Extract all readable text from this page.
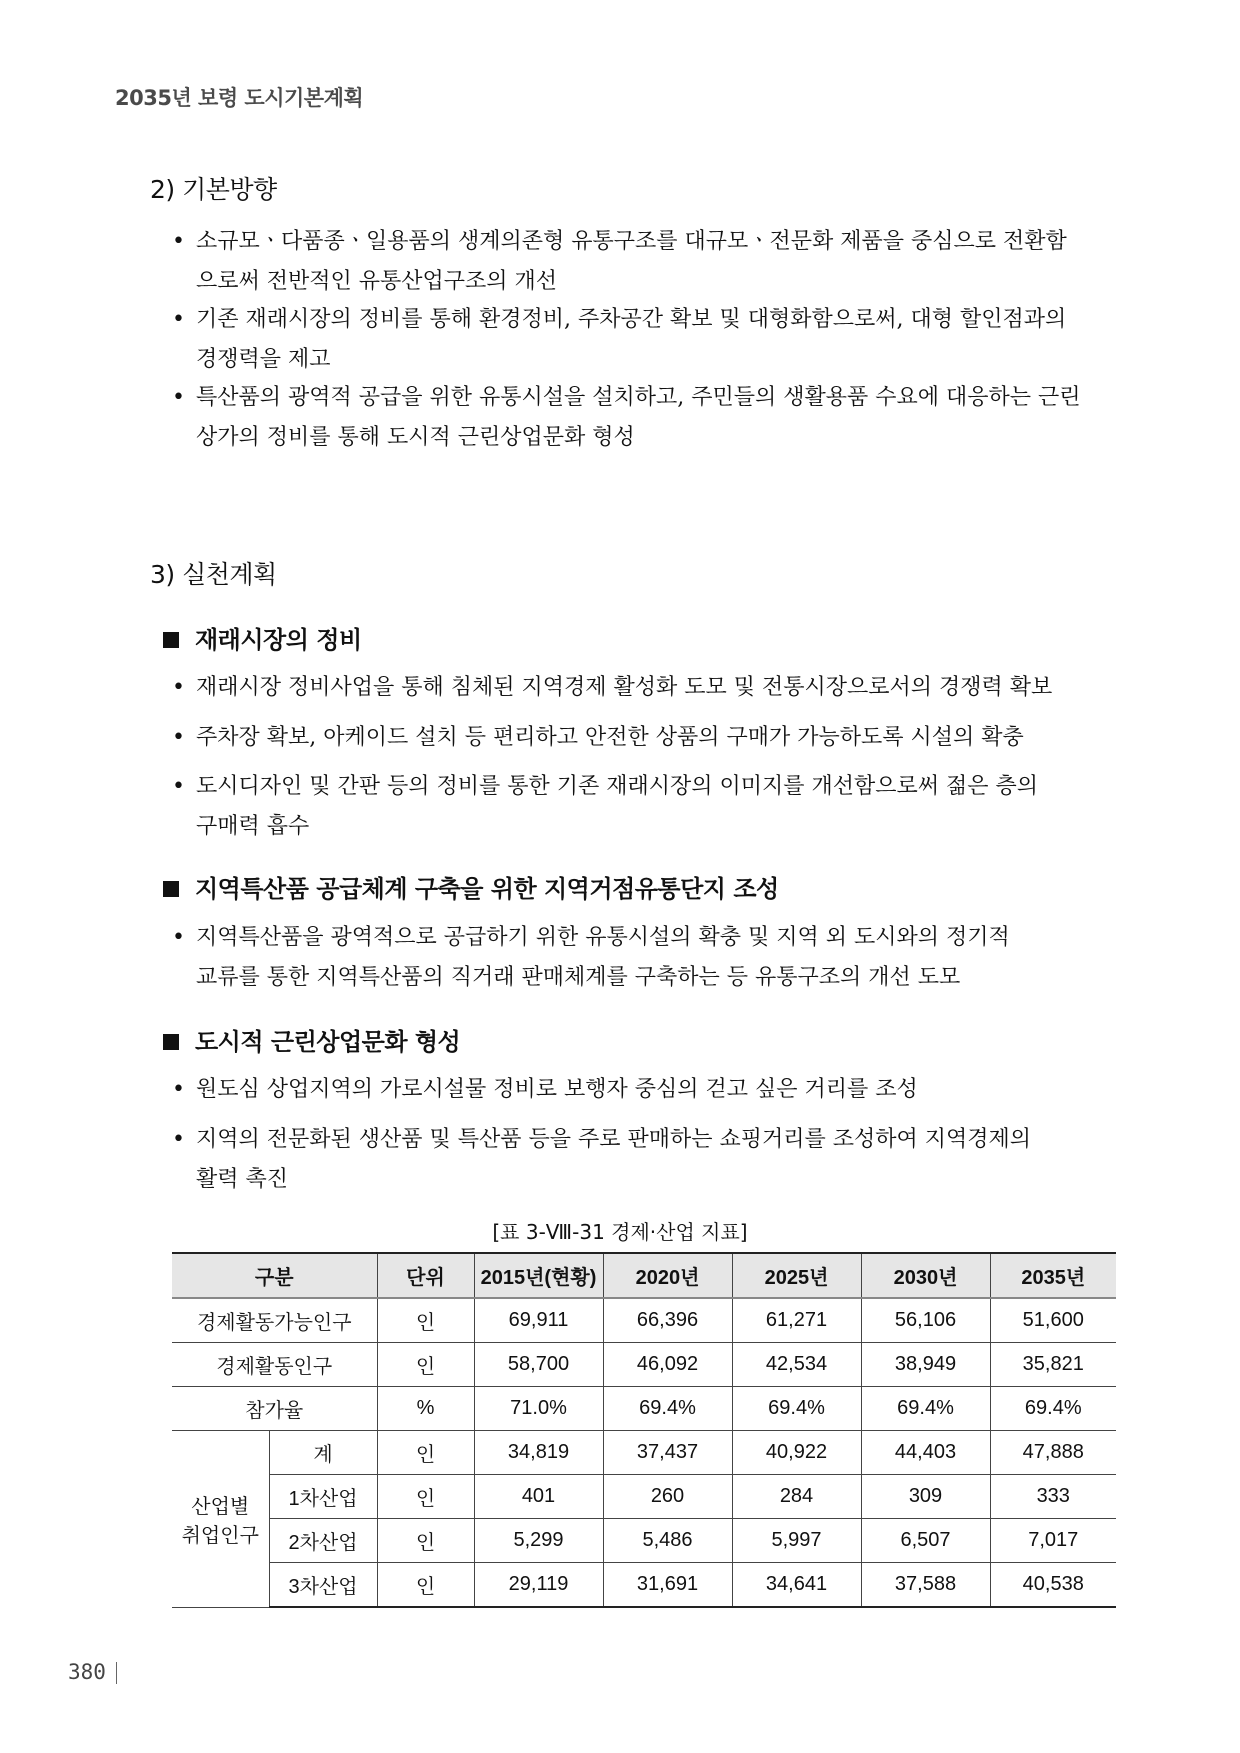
2035년 보령 도시기본계획
2) 기본방향
• 소규모ㆍ다품종ㆍ일용품의 생계의존형 유통구조를 대규모ㆍ전문화 제품을 중심으로 전환함
으로써 전반적인 유통산업구조의 개선
• 기존 재래시장의 정비를 통해 환경정비, 주차공간 확보 및 대형화함으로써, 대형 할인점과의
경쟁력을 제고
• 특산품의 광역적 공급을 위한 유통시설을 설치하고, 주민들의 생활용품 수요에 대응하는 근린
상가의 정비를 통해 도시적 근린상업문화 형성
3) 실천계획
재래시장의 정비
• 재래시장 정비사업을 통해 침체된 지역경제 활성화 도모 및 전통시장으로서의 경쟁력 확보
• 주차장 확보, 아케이드 설치 등 편리하고 안전한 상품의 구매가 가능하도록 시설의 확충
• 도시디자인 및 간판 등의 정비를 통한 기존 재래시장의 이미지를 개선함으로써 젊은 층의
구매력 흡수
지역특산품 공급체계 구축을 위한 지역거점유통단지 조성
• 지역특산품을 광역적으로 공급하기 위한 유통시설의 확충 및 지역 외 도시와의 정기적
교류를 통한 지역특산품의 직거래 판매체계를 구축하는 등 유통구조의 개선 도모
도시적 근린상업문화 형성
• 원도심 상업지역의 가로시설물 정비로 보행자 중심의 걷고 싶은 거리를 조성
• 지역의 전문화된 생산품 및 특산품 등을 주로 판매하는 쇼핑거리를 조성하여 지역경제의
활력 촉진
[표 3-Ⅷ-31 경제·산업 지표]
구분		단위	2015년(현황)	2020년	2025년	2030년	2035년
경제활동가능인구		인	69,911	66,396	61,271	56,106	51,600
경제활동인구		인	58,700	46,092	42,534	38,949	35,821
참가율		%	71.0%	69.4%	69.4%	69.4%	69.4%
산업별
취업인구	계	인	34,819	37,437	40,922	44,403	47,888
	1차산업	인	401	260	284	309	333
	2차산업	인	5,299	5,486	5,997	6,507	7,017
	3차산업	인	29,119	31,691	34,641	37,588	40,538
380
